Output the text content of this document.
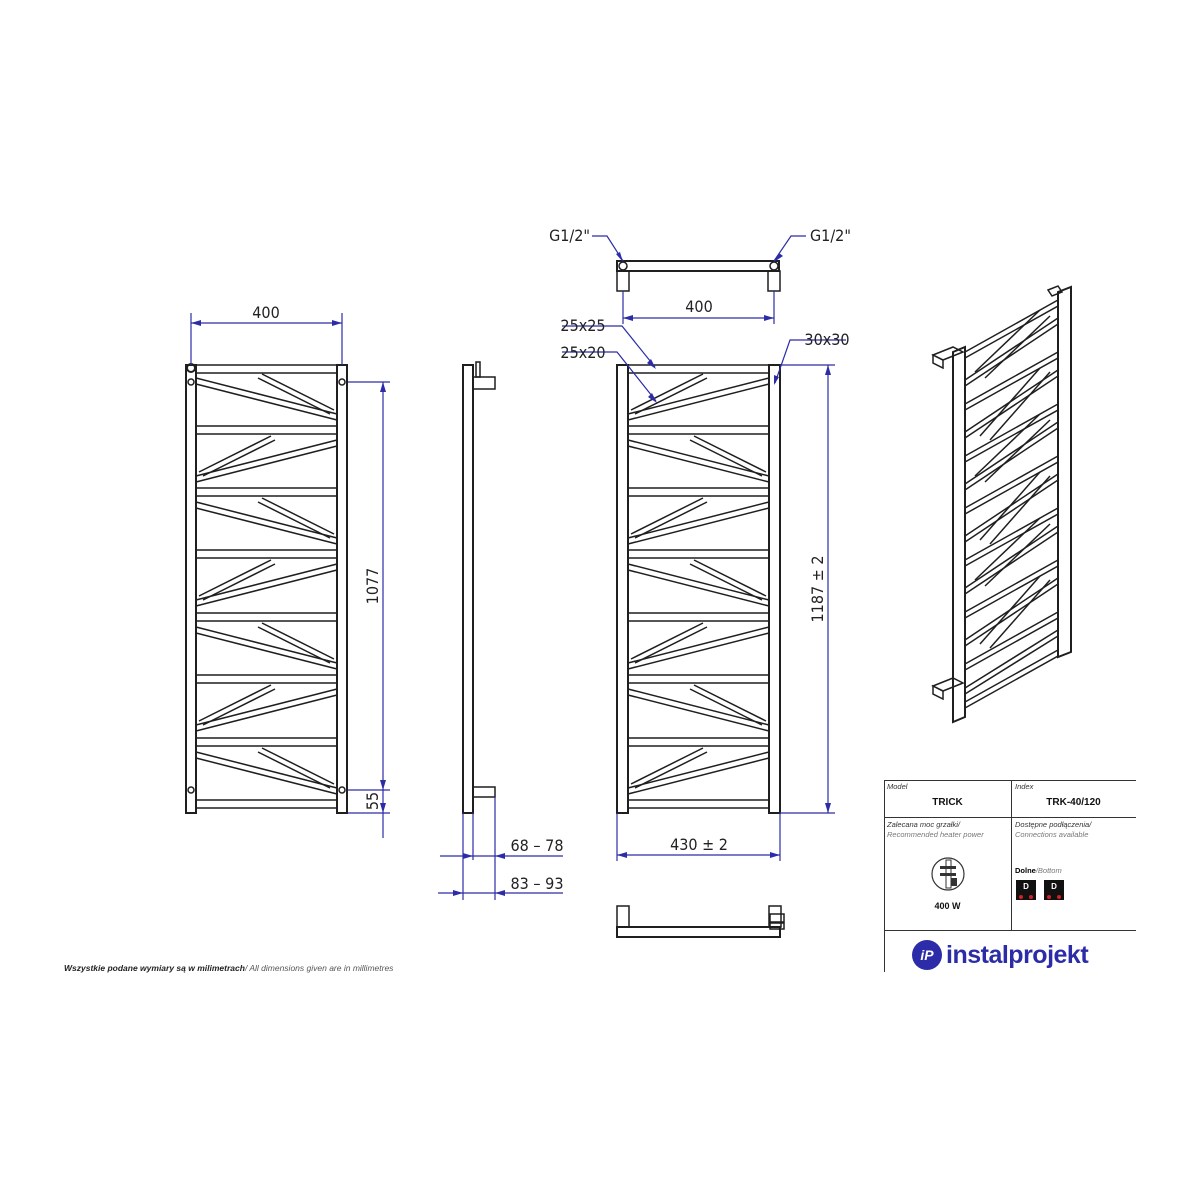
400
1077
55
68 – 78
83 – 93
G1/2"	G1/2"
400
25x25
25x20
30x30
1187 ± 2
430 ± 2
Wszystkie podane wymiary są w milimetrach/ All dimensions given are in millimetres
Model
TRICK
Index
TRK-40/120
Zalecana moc grzałki/
Recommended heater power
400 W
Dostępne podłączenia/
Connections available
Dolne/Bottom
D	D
iP instalprojekt
